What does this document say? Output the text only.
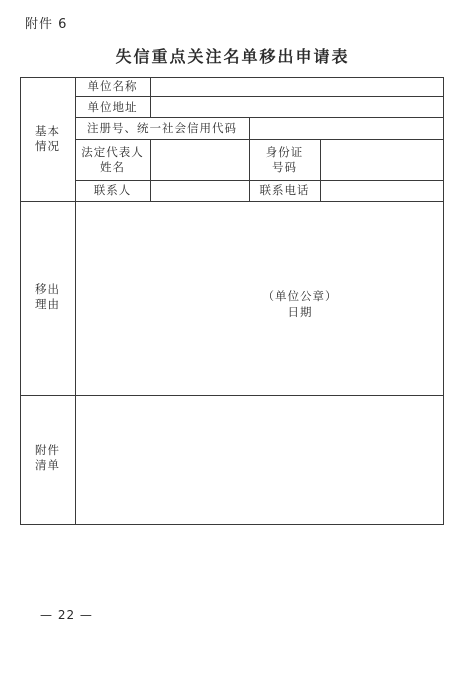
附件 6
失信重点关注名单移出申请表
基本
情况
单位名称
单位地址
注册号、统一社会信用代码
法定代表人
姓名
身份证
号码
联系人	联系电话
移出
理由
（单位公章）
日期
附件
清单
— 22 —
